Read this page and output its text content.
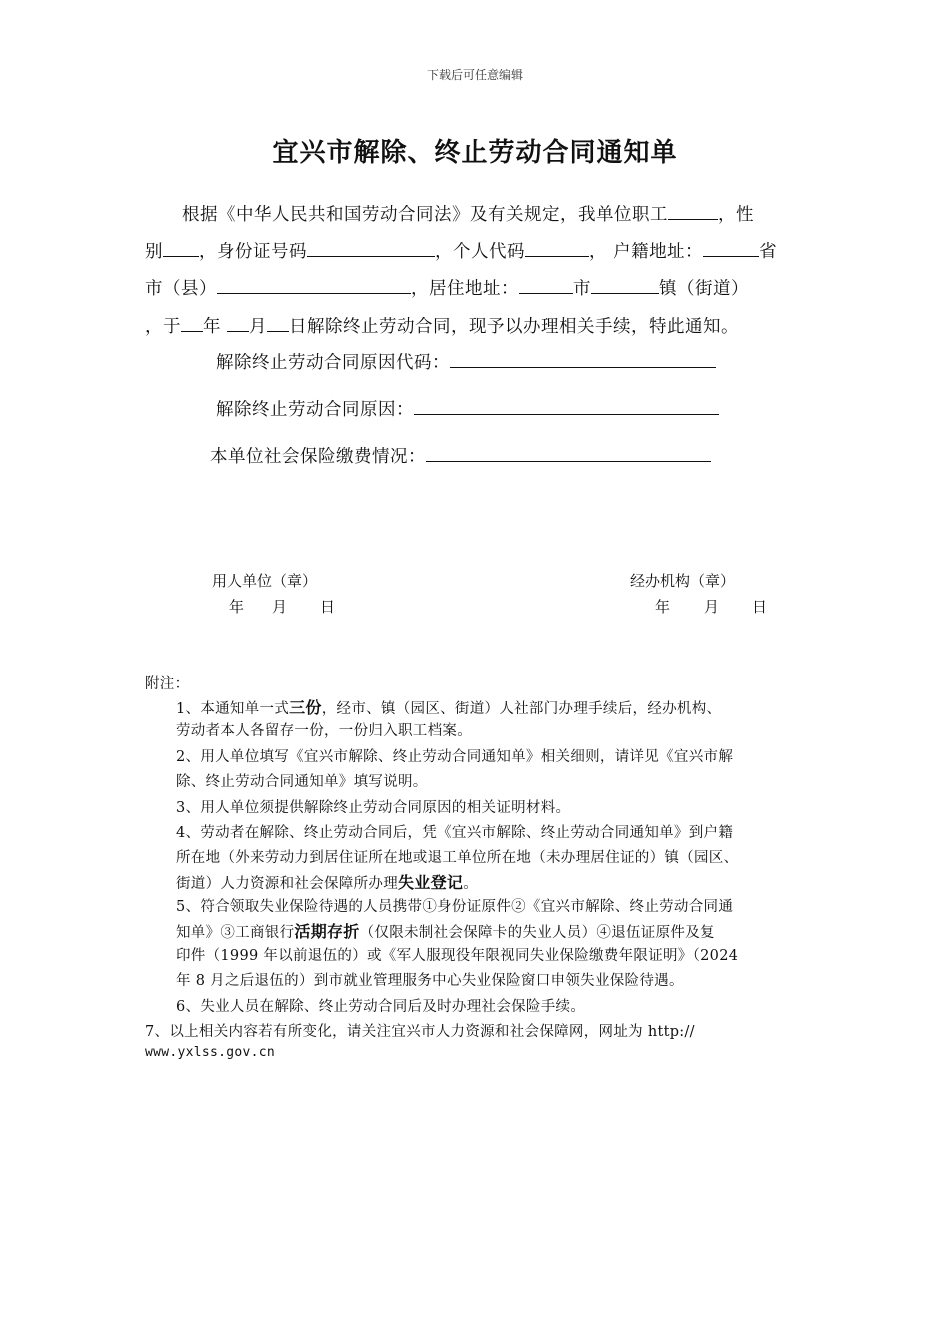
下载后可任意编辑
宜兴市解除、终止劳动合同通知单
根据《中华人民共和国劳动合同法》及有关规定，我单位职工	，性
别 ，身份证号码	，个人代码	， 户籍地址：	省
市（县）	，居住地址：	市	镇（街道）
，于 年 月 日解除终止劳动合同，现予以办理相关手续，特此通知。
解除终止劳动合同原因代码：
解除终止劳动合同原因：
本单位社会保险缴费情况：
用人单位（章）	经办机构（章）
年 月 日	年 月 日
附注：
1、本通知单一式三份，经市、镇（园区、街道）人社部门办理手续后，经办机构、
劳动者本人各留存一份，一份归入职工档案。
2、用人单位填写《宜兴市解除、终止劳动合同通知单》相关细则，请详见《宜兴市解
除、终止劳动合同通知单》填写说明。
3、用人单位须提供解除终止劳动合同原因的相关证明材料。
4、劳动者在解除、终止劳动合同后，凭《宜兴市解除、终止劳动合同通知单》到户籍
所在地（外来劳动力到居住证所在地或退工单位所在地（未办理居住证的）镇（园区、
街道）人力资源和社会保障所办理失业登记。
5、符合领取失业保险待遇的人员携带①身份证原件②《宜兴市解除、终止劳动合同通
知单》③工商银行活期存折（仅限未制社会保障卡的失业人员）④退伍证原件及复
印件（1999 年以前退伍的）或《军人服现役年限视同失业保险缴费年限证明》（2024
年 8 月之后退伍的）到市就业管理服务中心失业保险窗口申领失业保险待遇。
6、失业人员在解除、终止劳动合同后及时办理社会保险手续。
7、以上相关内容若有所变化，请关注宜兴市人力资源和社会保障网，网址为 http://
www.yxlss.gov.cn
